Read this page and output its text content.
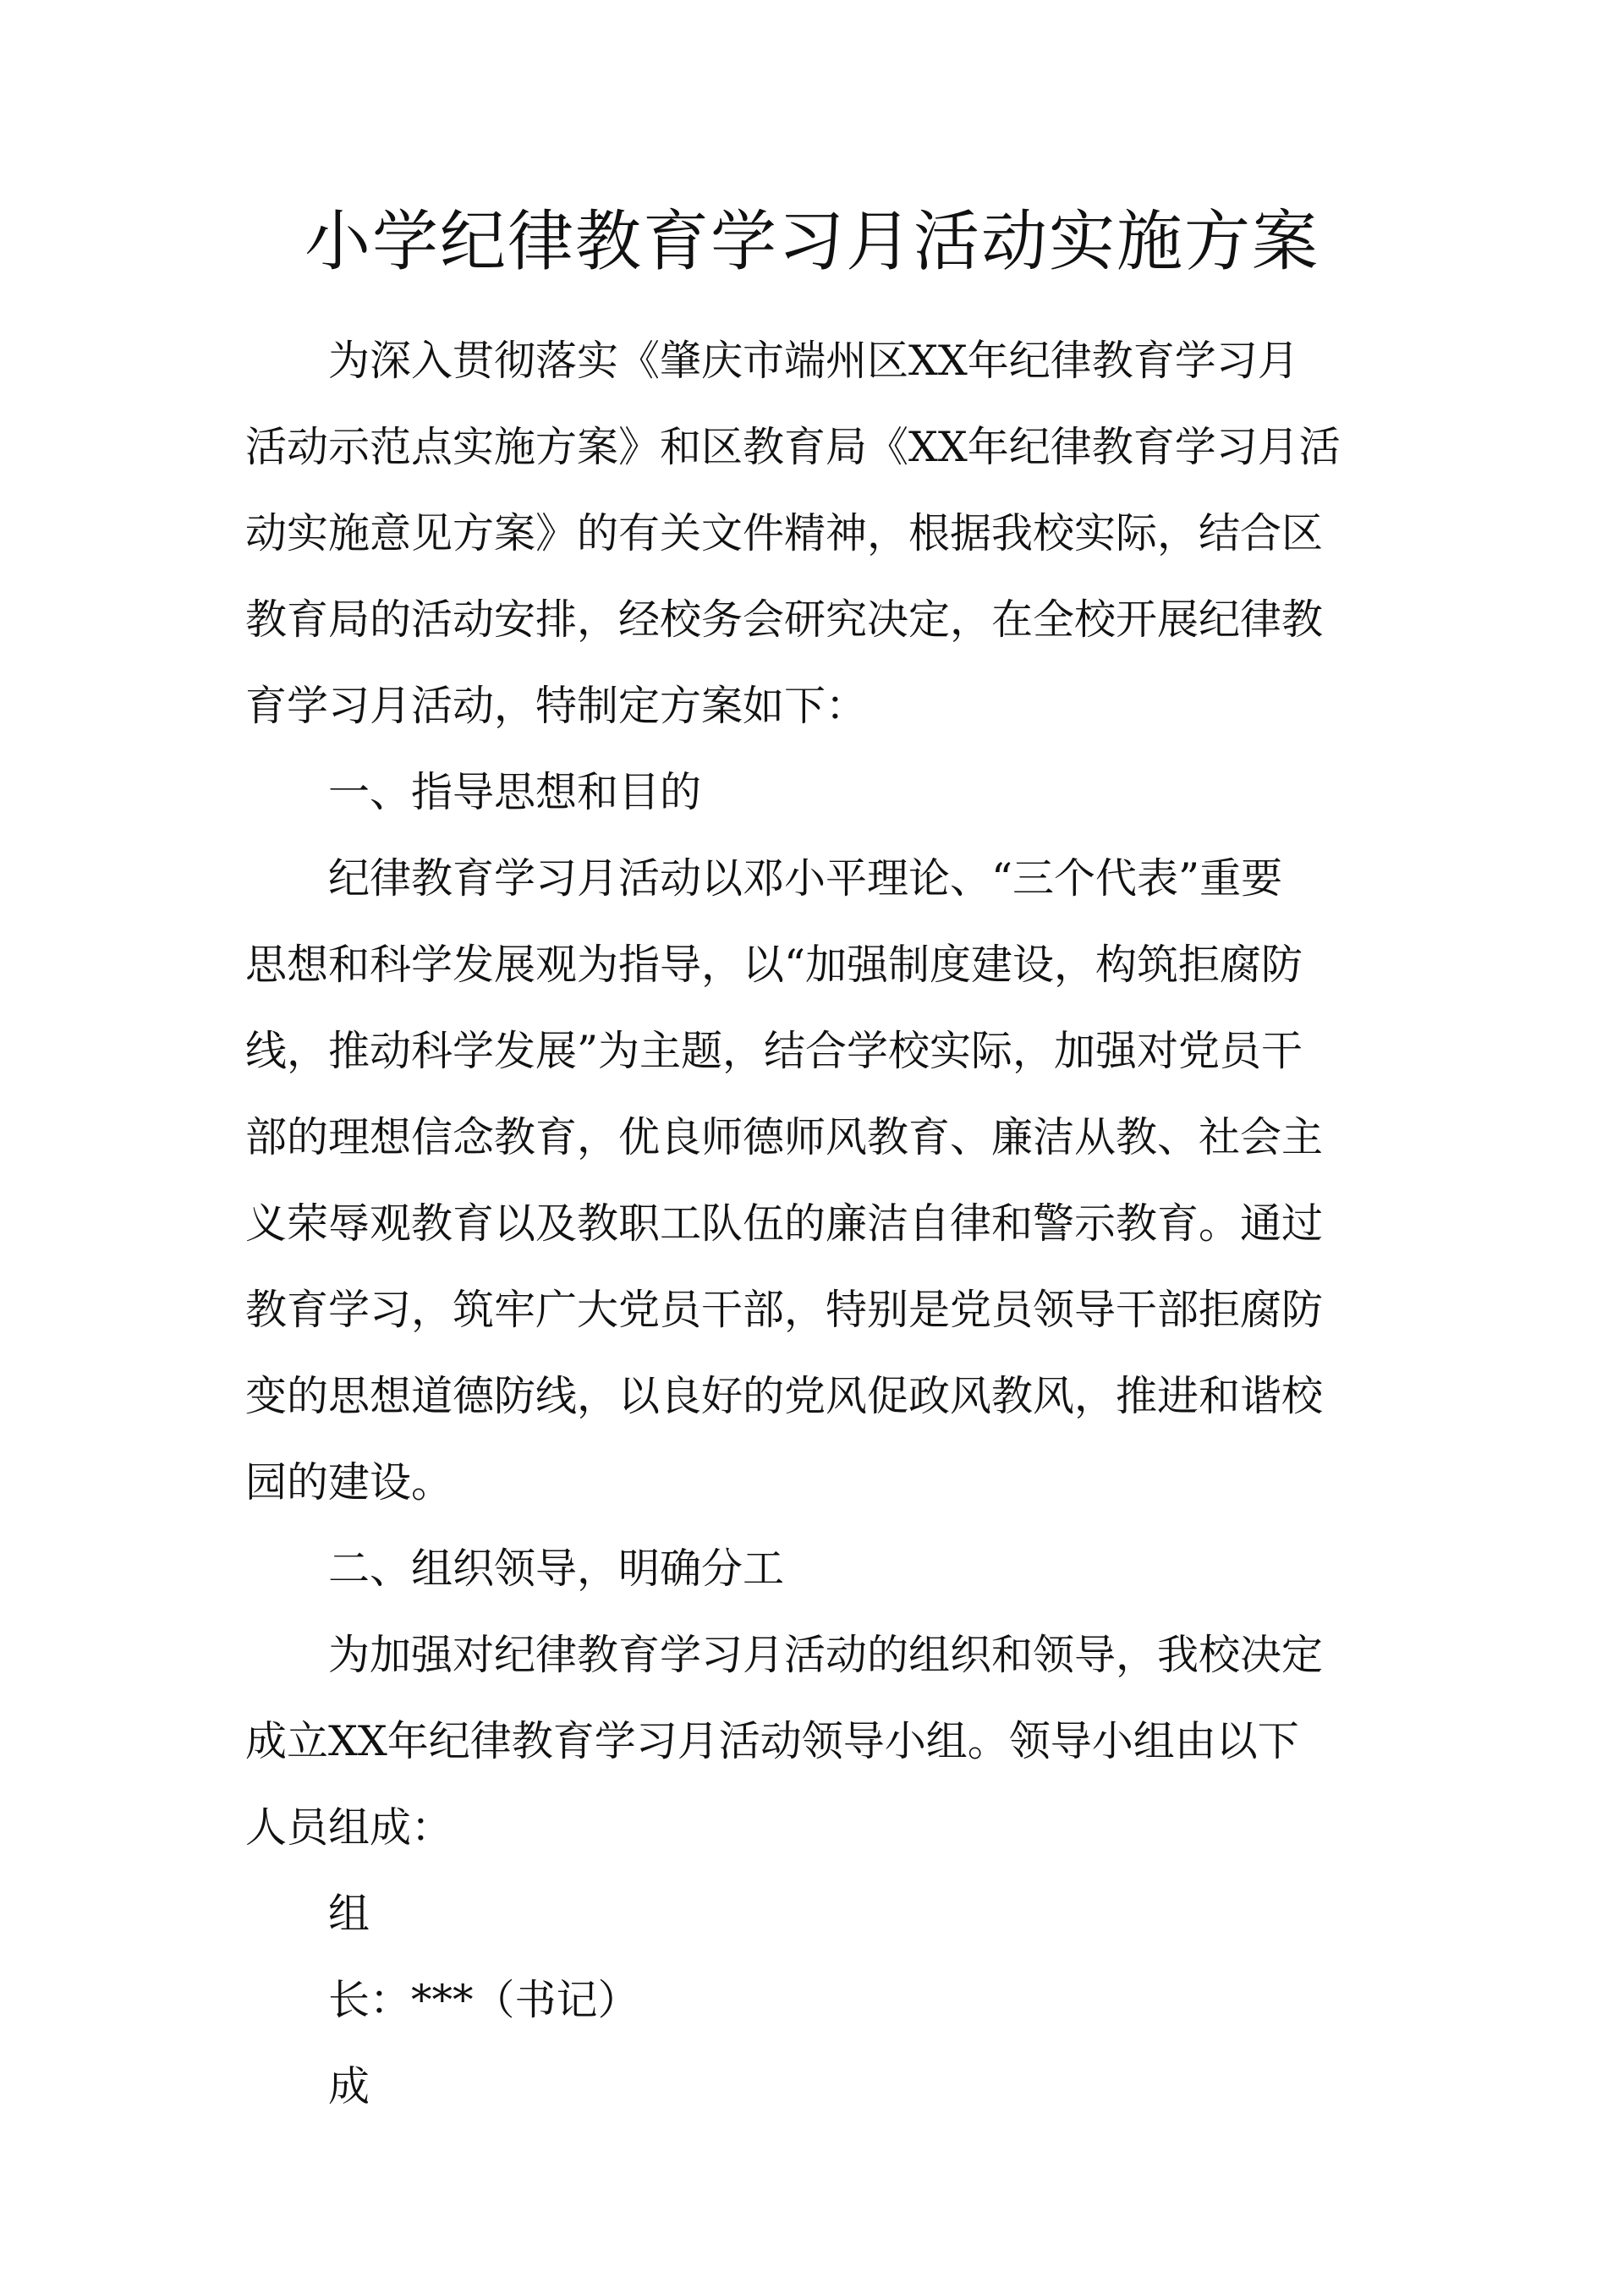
小学纪律教育学习月活动实施方案
　　为深入贯彻落实《肇庆市端州区XX年纪律教育学习月
活动示范点实施方案》和区教育局《XX年纪律教育学习月活
动实施意见方案》的有关文件精神，根据我校实际，结合区
教育局的活动安排，经校务会研究决定，在全校开展纪律教
育学习月活动，特制定方案如下：
　　一、指导思想和目的
　　纪律教育学习月活动以邓小平理论、“三个代表”重要
思想和科学发展观为指导，以“加强制度建设，构筑拒腐防
线，推动科学发展”为主题，结合学校实际，加强对党员干
部的理想信念教育，优良师德师风教育、廉洁从教、社会主
义荣辱观教育以及教职工队伍的廉洁自律和警示教育。通过
教育学习，筑牢广大党员干部，特别是党员领导干部拒腐防
变的思想道德防线，以良好的党风促政风教风，推进和谐校
园的建设。
　　二、组织领导，明确分工
　　为加强对纪律教育学习月活动的组织和领导，我校决定
成立XX年纪律教育学习月活动领导小组。领导小组由以下
人员组成：
　　组
　　长：***（书记）
　　成
